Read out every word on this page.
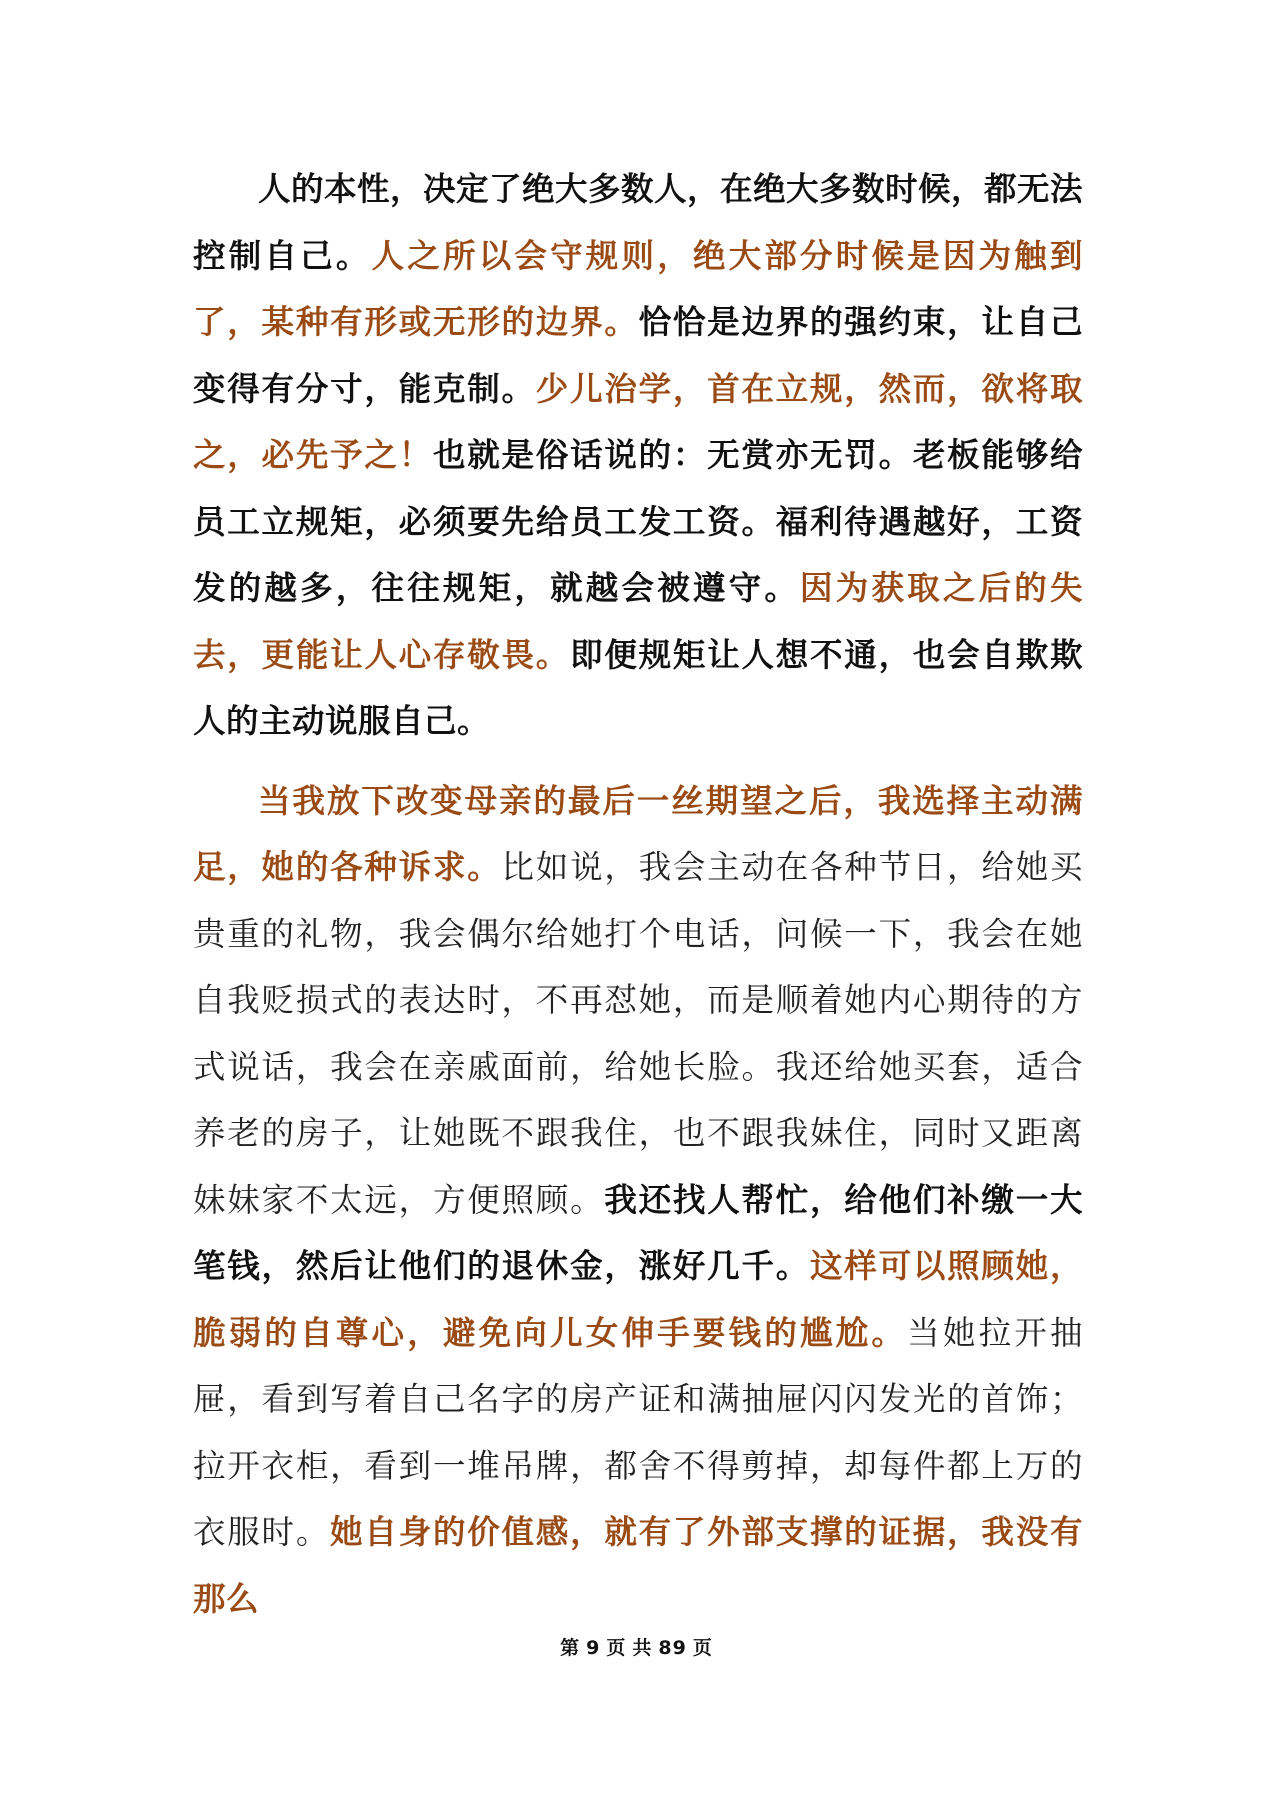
人的本性，决定了绝大多数人，在绝大多数时候，都无法控制自己。人之所以会守规则，绝大部分时候是因为触到了，某种有形或无形的边界。恰恰是边界的强约束，让自己变得有分寸，能克制。少儿治学，首在立规，然而，欲将取之，必先予之！也就是俗话说的：无赏亦无罚。老板能够给员工立规矩，必须要先给员工发工资。福利待遇越好，工资发的越多，往往规矩，就越会被遵守。因为获取之后的失去，更能让人心存敬畏。即便规矩让人想不通，也会自欺欺人的主动说服自己。

当我放下改变母亲的最后一丝期望之后，我选择主动满足，她的各种诉求。比如说，我会主动在各种节日，给她买贵重的礼物，我会偶尔给她打个电话，问候一下，我会在她自我贬损式的表达时，不再怼她，而是顺着她内心期待的方式说话，我会在亲戚面前，给她长脸。我还给她买套，适合养老的房子，让她既不跟我住，也不跟我妹住，同时又距离妹妹家不太远，方便照顾。我还找人帮忙，给他们补缴一大笔钱，然后让他们的退休金，涨好几千。这样可以照顾她，脆弱的自尊心，避免向儿女伸手要钱的尴尬。当她拉开抽屉，看到写着自己名字的房产证和满抽屉闪闪发光的首饰；拉开衣柜，看到一堆吊牌，都舍不得剪掉，却每件都上万的衣服时。她自身的价值感，就有了外部支撑的证据，我没有那么

第 9 页 共 89 页
